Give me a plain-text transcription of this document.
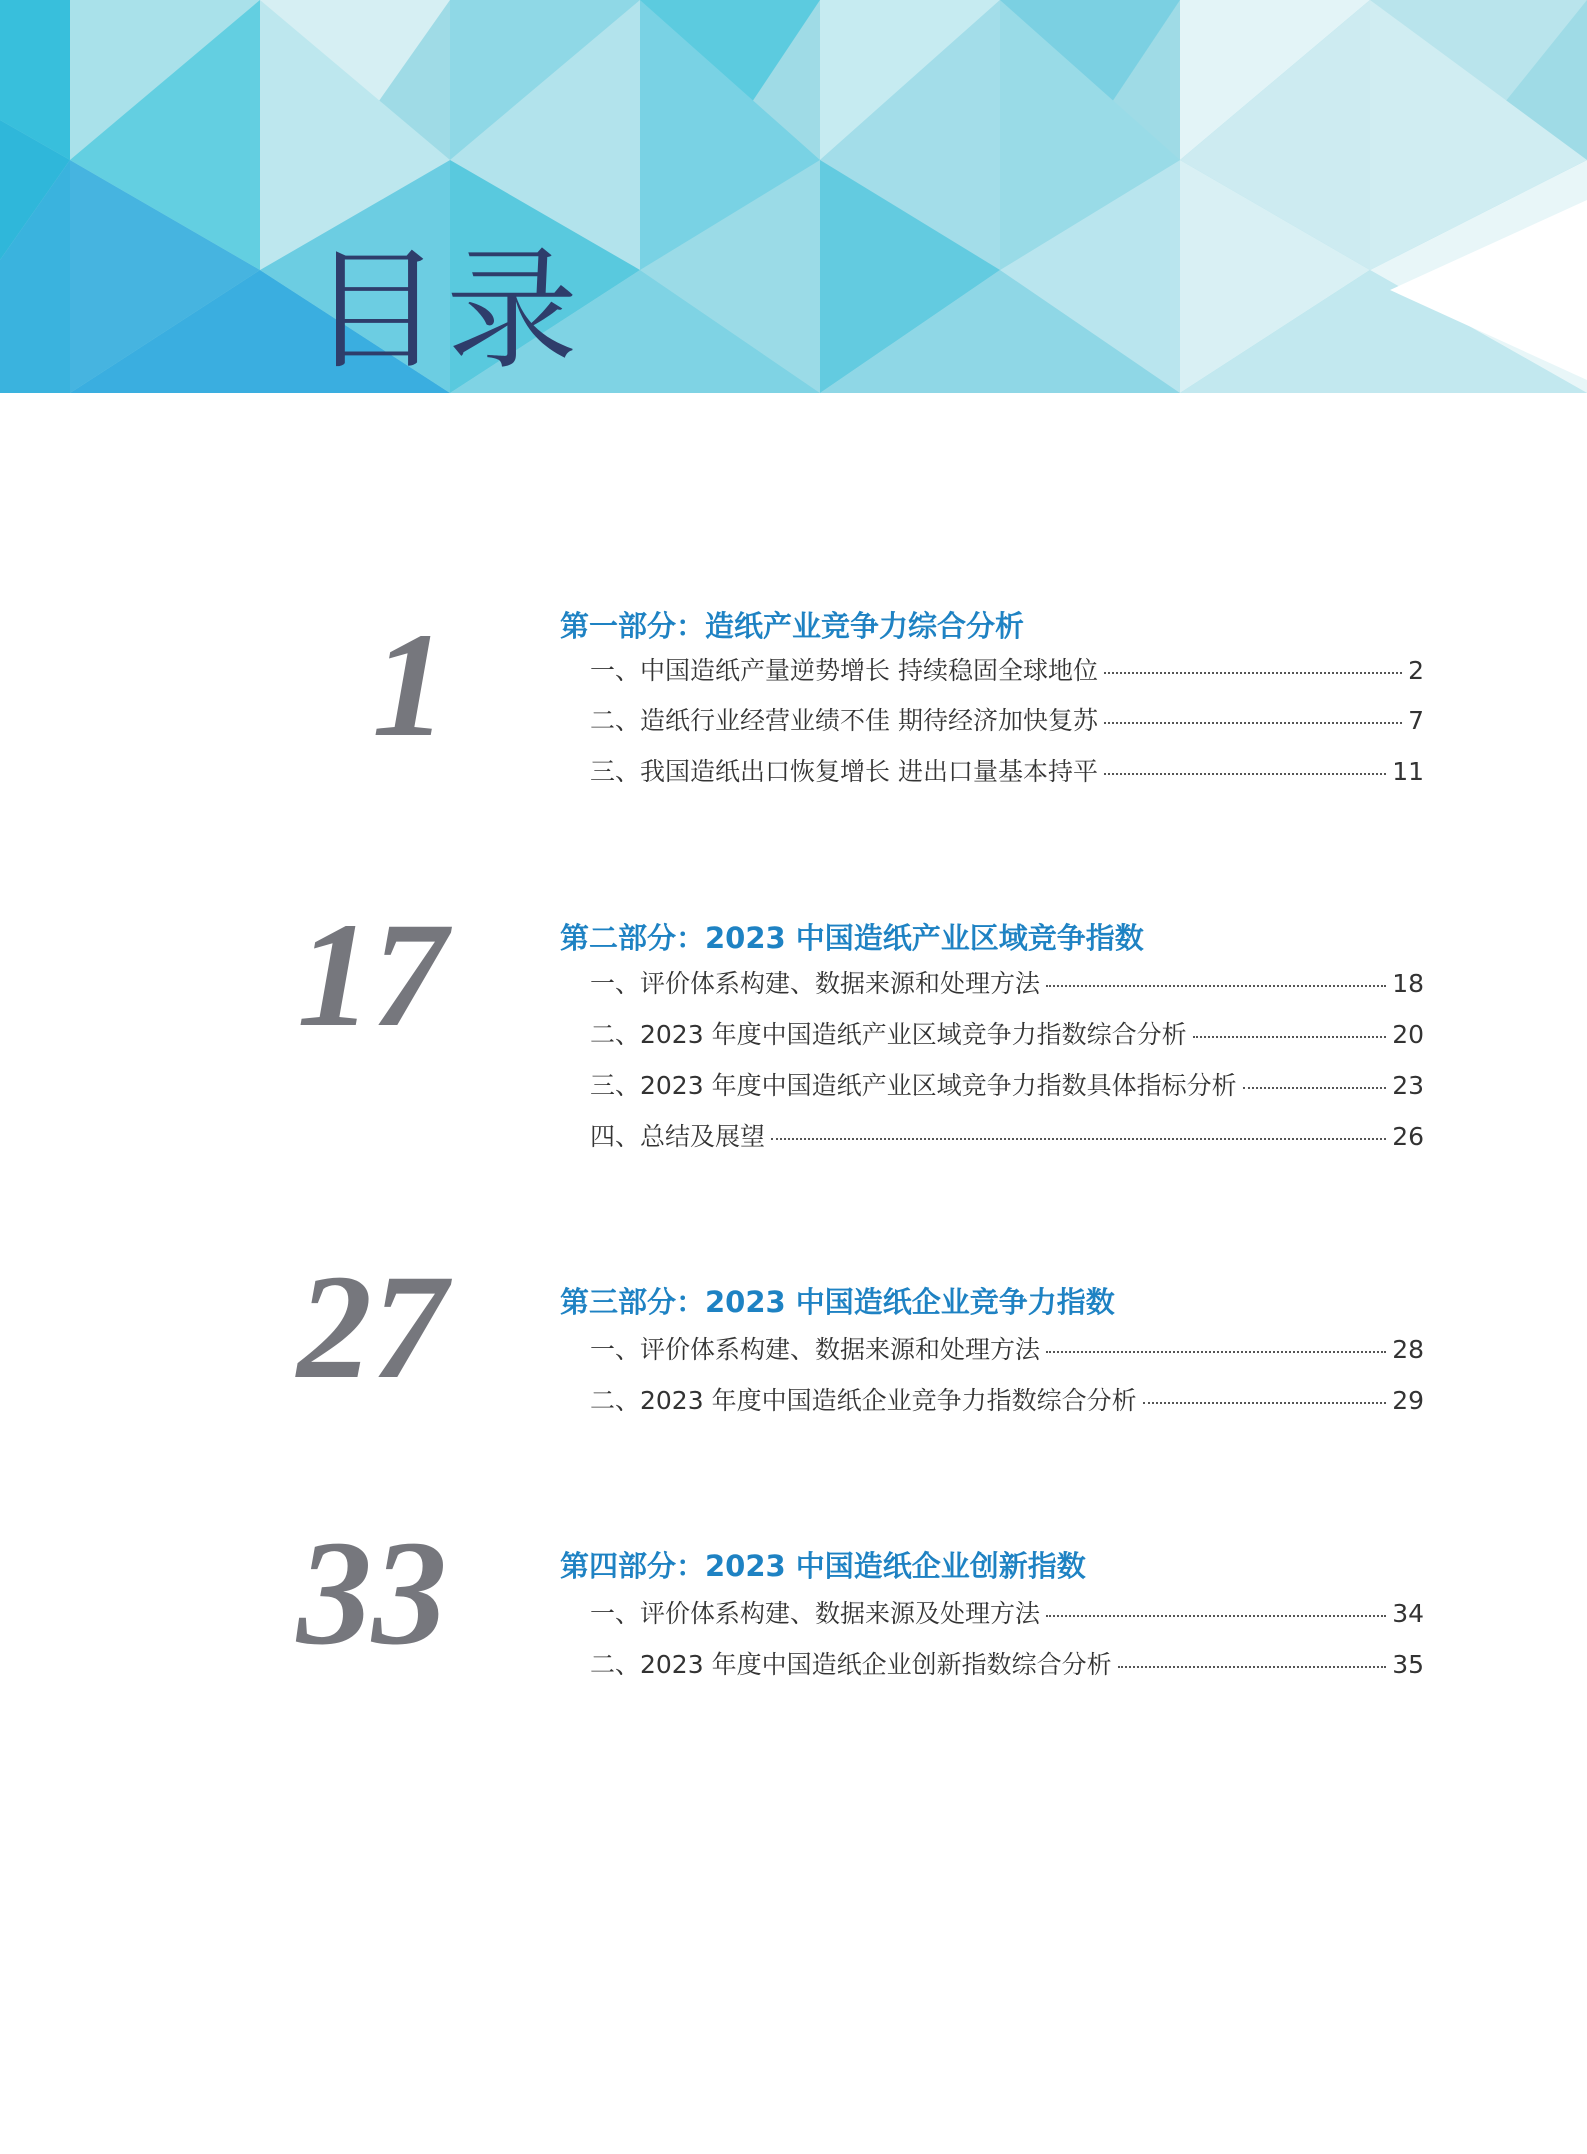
目录
1	第一部分：造纸产业竞争力综合分析
一、中国造纸产量逆势增长 持续稳固全球地位	2
二、造纸行业经营业绩不佳 期待经济加快复苏	7
三、我国造纸出口恢复增长 进出口量基本持平	11
17	第二部分：2023 中国造纸产业区域竞争指数
一、评价体系构建、数据来源和处理方法	18
二、2023 年度中国造纸产业区域竞争力指数综合分析	20
三、2023 年度中国造纸产业区域竞争力指数具体指标分析	23
四、总结及展望	26
27	第三部分：2023 中国造纸企业竞争力指数
一、评价体系构建、数据来源和处理方法	28
二、2023 年度中国造纸企业竞争力指数综合分析	29
33	第四部分：2023 中国造纸企业创新指数
一、评价体系构建、数据来源及处理方法	34
二、2023 年度中国造纸企业创新指数综合分析	35
